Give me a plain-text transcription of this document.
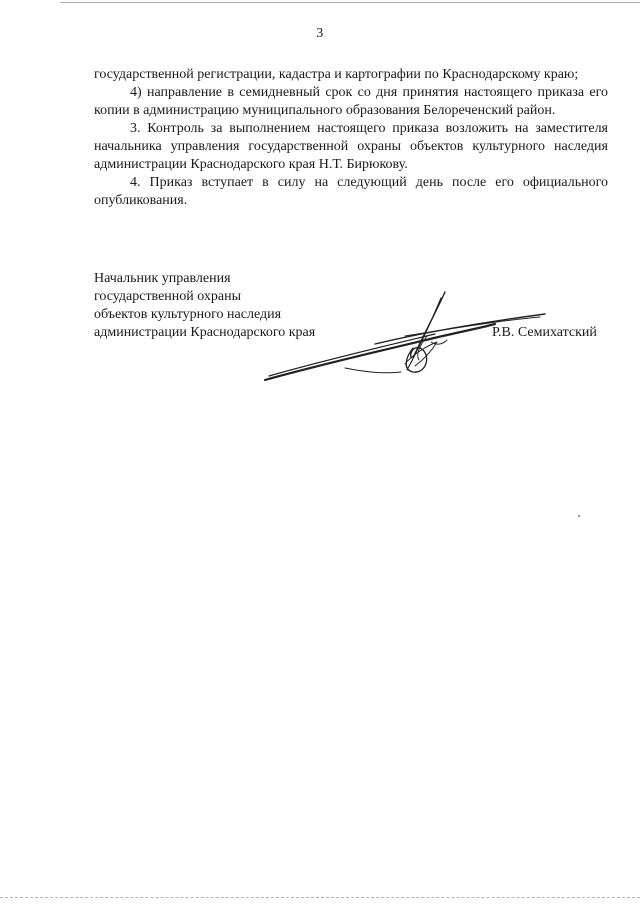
3

государственной регистрации, кадастра и картографии по Краснодарскому краю;

4) направление в семидневный срок со дня принятия настоящего приказа его копии в администрацию муниципального образования Белореченский район.

3. Контроль за выполнением настоящего приказа возложить на заместителя начальника управления государственной охраны объектов культурного наследия администрации Краснодарского края Н.Т. Бирюкову.

4. Приказ вступает в силу на следующий день после его официального опубликования.

Начальник управления
государственной охраны
объектов культурного наследия
администрации Краснодарского края	Р.В. Семихатский
